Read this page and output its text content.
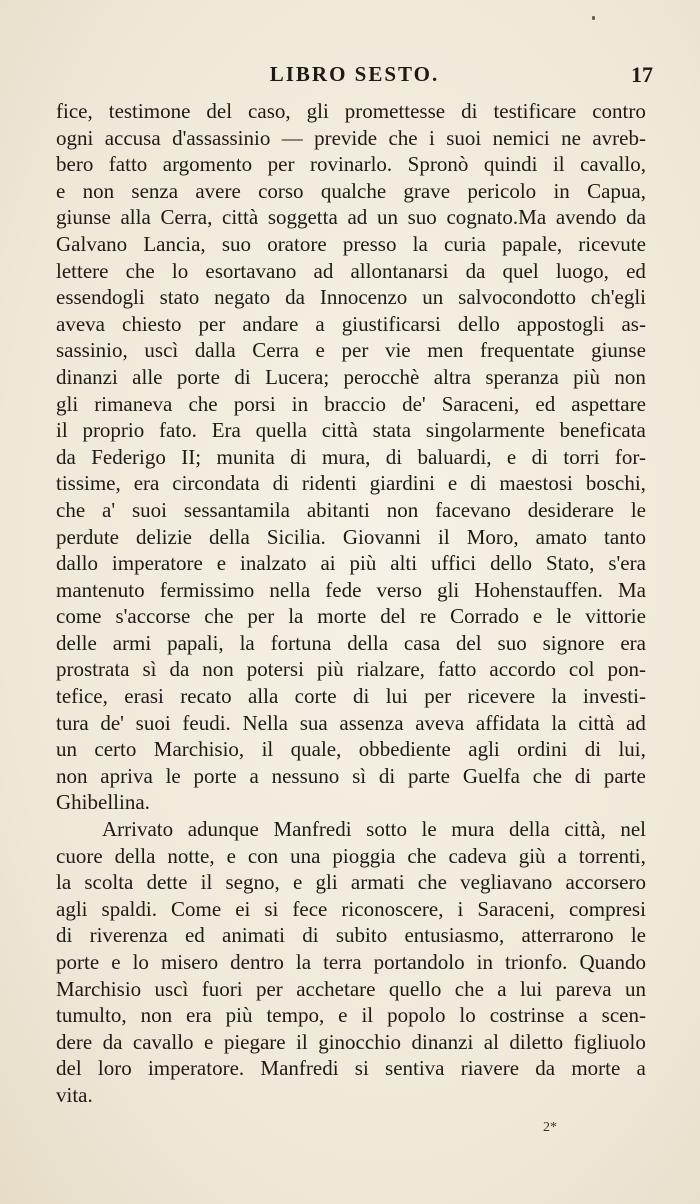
LIBRO SESTO.	17
fice, testimone del caso, gli promettesse di testificare contro
ogni accusa d'assassinio — previde che i suoi nemici ne avreb-
bero fatto argomento per rovinarlo. Spronò quindi il cavallo,
e non senza avere corso qualche grave pericolo in Capua,
giunse alla Cerra, città soggetta ad un suo cognato.Ma avendo da
Galvano Lancia, suo oratore presso la curia papale, ricevute
lettere che lo esortavano ad allontanarsi da quel luogo, ed
essendogli stato negato da Innocenzo un salvocondotto ch'egli
aveva chiesto per andare a giustificarsi dello appostogli as-
sassinio, uscì dalla Cerra e per vie men frequentate giunse
dinanzi alle porte di Lucera; perocchè altra speranza più non
gli rimaneva che porsi in braccio de' Saraceni, ed aspettare
il proprio fato. Era quella città stata singolarmente beneficata
da Federigo II; munita di mura, di baluardi, e di torri for-
tissime, era circondata di ridenti giardini e di maestosi boschi,
che a' suoi sessantamila abitanti non facevano desiderare le
perdute delizie della Sicilia. Giovanni il Moro, amato tanto
dallo imperatore e inalzato ai più alti uffici dello Stato, s'era
mantenuto fermissimo nella fede verso gli Hohenstauffen. Ma
come s'accorse che per la morte del re Corrado e le vittorie
delle armi papali, la fortuna della casa del suo signore era
prostrata sì da non potersi più rialzare, fatto accordo col pon-
tefice, erasi recato alla corte di lui per ricevere la investi-
tura de' suoi feudi. Nella sua assenza aveva affidata la città ad
un certo Marchisio, il quale, obbediente agli ordini di lui,
non apriva le porte a nessuno sì di parte Guelfa che di parte
Ghibellina.
Arrivato adunque Manfredi sotto le mura della città, nel
cuore della notte, e con una pioggia che cadeva giù a torrenti,
la scolta dette il segno, e gli armati che vegliavano accorsero
agli spaldi. Come ei si fece riconoscere, i Saraceni, compresi
di riverenza ed animati di subito entusiasmo, atterrarono le
porte e lo misero dentro la terra portandolo in trionfo. Quando
Marchisio uscì fuori per acchetare quello che a lui pareva un
tumulto, non era più tempo, e il popolo lo costrinse a scen-
dere da cavallo e piegare il ginocchio dinanzi al diletto figliuolo
del loro imperatore. Manfredi si sentiva riavere da morte a
vita.
2*
